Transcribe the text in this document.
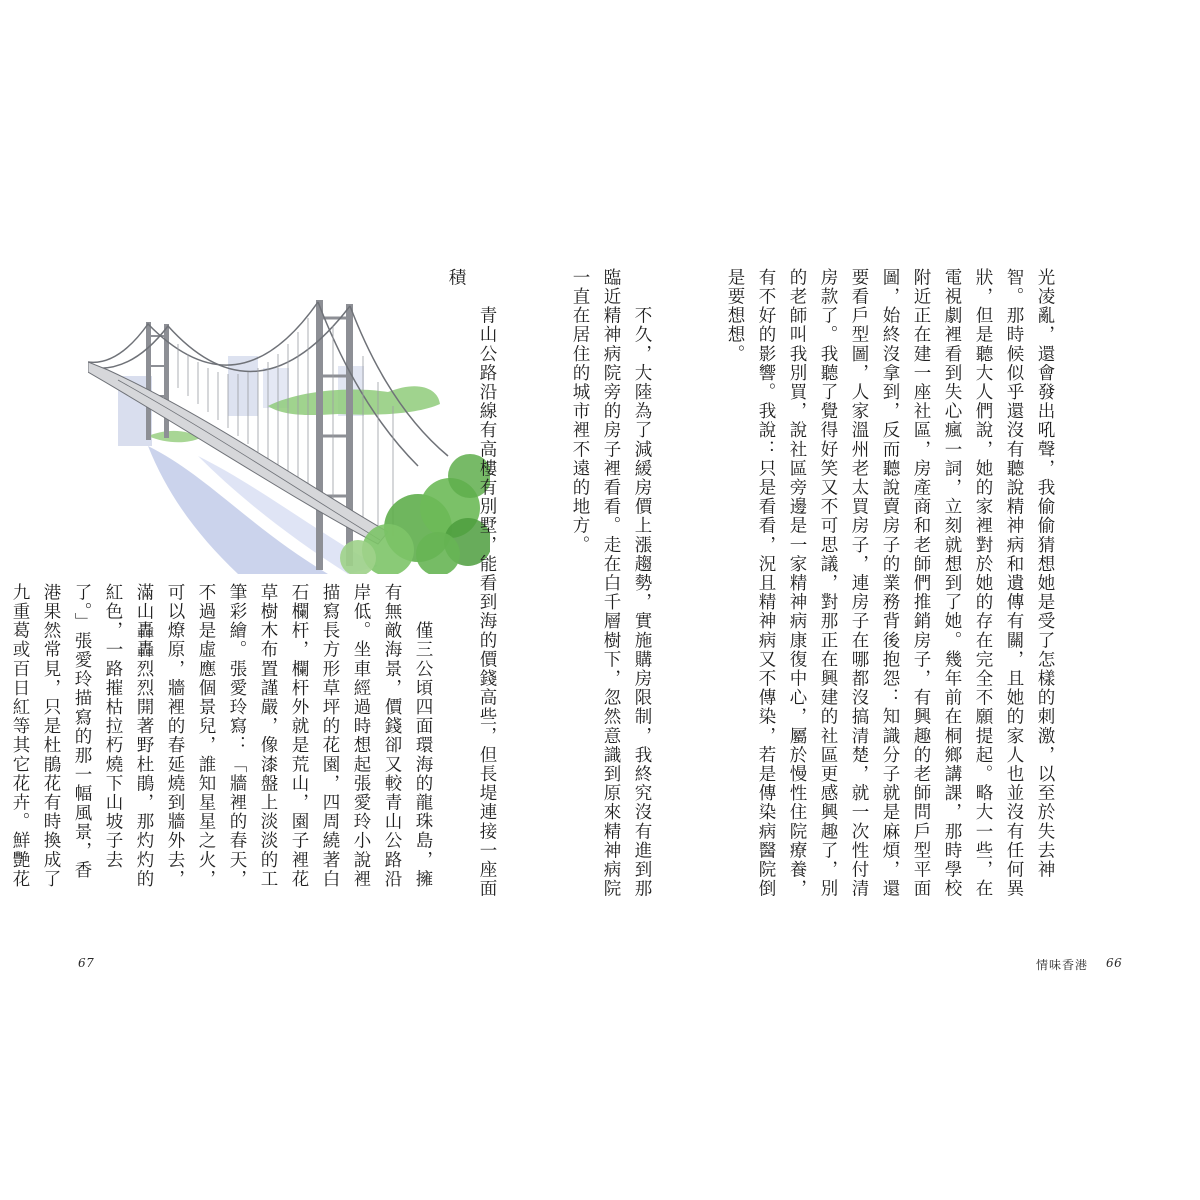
　　僅三公頃四面環海的龍珠島，擁有無敵海景，價錢卻又較青山公路沿岸低。坐車經過時想起張愛玲小說裡描寫長方形草坪的花園，四周繞著白石欄杆，欄杆外就是荒山，園子裡花草樹木布置謹嚴，像漆盤上淡淡的工筆彩繪。張愛玲寫：「牆裡的春天，不過是虛應個景兒，誰知星星之火，可以燎原，牆裡的春延燒到牆外去，滿山轟轟烈烈開著野杜鵑，那灼灼的紅色，一路摧枯拉朽燒下山坡子去了。」張愛玲描寫的那一幅風景，香港果然常見，只是杜鵑花有時換成了九重葛或百日紅等其它花卉。鮮艷花

67

光凌亂，還會發出吼聲，我偷偷猜想她是受了怎樣的刺激，以至於失去神智。那時候似乎還沒有聽說精神病和遺傳有關，且她的家人也並沒有任何異狀，但是聽大人們說，她的家裡對於她的存在完全不願提起。略大一些，在電視劇裡看到失心瘋一詞，立刻就想到了她。幾年前在桐鄉講課，那時學校附近正在建一座社區，房產商和老師們推銷房子，有興趣的老師問戶型平面圖，始終沒拿到，反而聽說賣房子的業務背後抱怨：知識分子就是麻煩，還要看戶型圖，人家溫州老太買房子，連房子在哪都沒搞清楚，就一次性付清房款了。我聽了覺得好笑又不可思議，對那正在興建的社區更感興趣了，別的老師叫我別買，說社區旁邊是一家精神病康復中心，屬於慢性住院療養，有不好的影響。我說：只是看看，況且精神病又不傳染，若是傳染病醫院倒是要想想。

　　不久，大陸為了減緩房價上漲趨勢，實施購房限制，我終究沒有進到那臨近精神病院旁的房子裡看看。走在白千層樹下，忽然意識到原來精神病院一直在居住的城市裡不遠的地方。

　　青山公路沿線有高樓有別墅，能看到海的價錢高些，但長堤連接一座面積

情味香港 66
